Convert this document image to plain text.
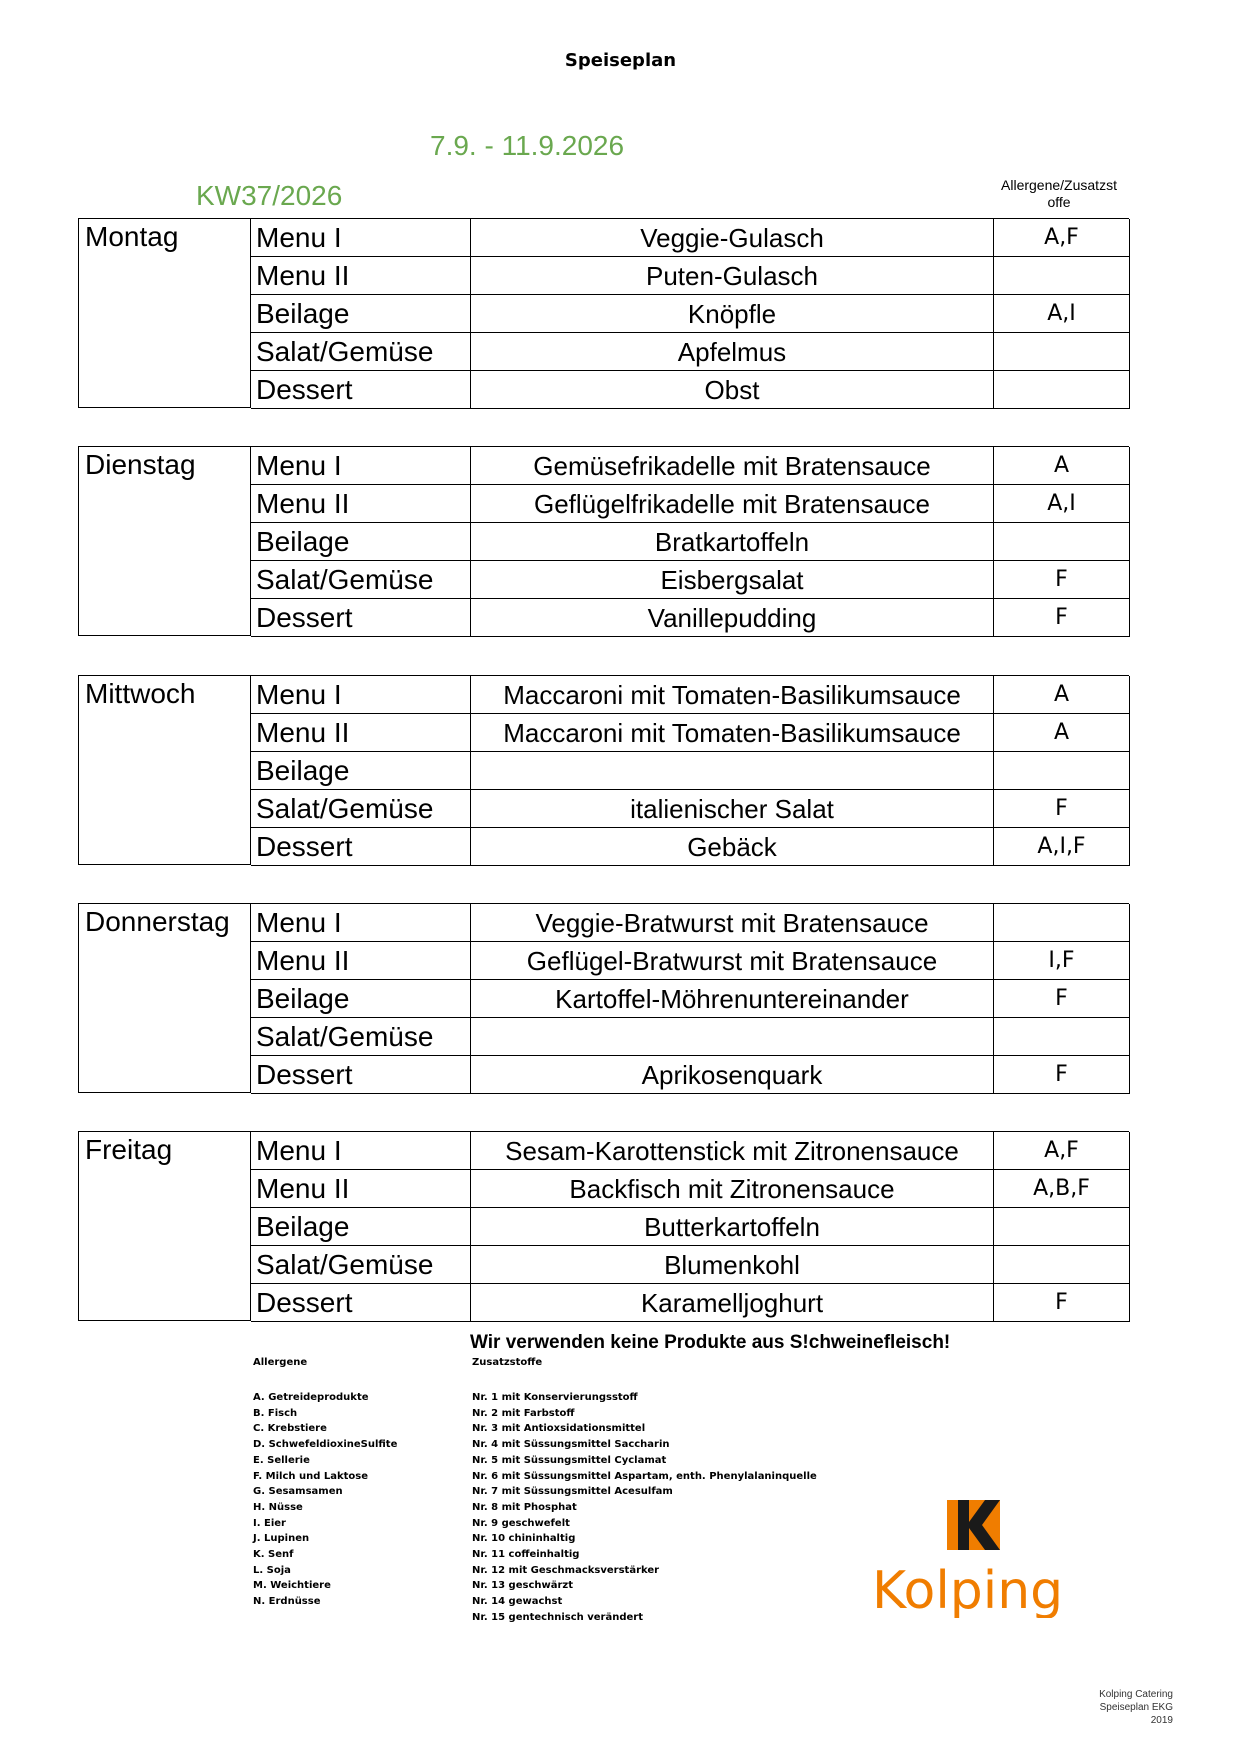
Speiseplan
7.9. - 11.9.2026
KW37/2026	Allergene/Zusatzst offe
Montag	Menu I	Veggie-Gulasch	A,F
Menu II	Puten-Gulasch
Beilage	Knöpfle	A,I
Salat/Gemüse	Apfelmus
Dessert	Obst
Dienstag	Menu I	Gemüsefrikadelle mit Bratensauce	A
Menu II	Geflügelfrikadelle mit Bratensauce	A,I
Beilage	Bratkartoffeln
Salat/Gemüse	Eisbergsalat	F
Dessert	Vanillepudding	F
Mittwoch	Menu I	Maccaroni mit Tomaten-Basilikumsauce	A
Menu II	Maccaroni mit Tomaten-Basilikumsauce	A
Beilage
Salat/Gemüse	italienischer Salat	F
Dessert	Gebäck	A,I,F
Donnerstag Menu I	Veggie-Bratwurst mit Bratensauce
Menu II	Geflügel-Bratwurst mit Bratensauce	I,F
Beilage	Kartoffel-Möhrenuntereinander	F
Salat/Gemüse
Dessert	Aprikosenquark	F
Freitag	Menu I	Sesam-Karottenstick mit Zitronensauce	A,F
Menu II	Backfisch mit Zitronensauce	A,B,F
Beilage	Butterkartoffeln
Salat/Gemüse	Blumenkohl
Dessert	Karamelljoghurt	F
Wir verwenden keine Produkte aus S!chweinefleisch!
Allergene	Zusatzstoffe
A. Getreideprodukte
B. Fisch
C. Krebstiere
D. SchwefeldioxineSulfite
E. Sellerie
F. Milch und Laktose
G. Sesamsamen
H. Nüsse
I. Eier
J. Lupinen
K. Senf
L. Soja
M. Weichtiere
N. Erdnüsse
Nr. 1 mit Konservierungsstoff
Nr. 2 mit Farbstoff
Nr. 3 mit Antioxsidationsmittel
Nr. 4 mit Süssungsmittel Saccharin
Nr. 5 mit Süssungsmittel Cyclamat
Nr. 6 mit Süssungsmittel Aspartam, enth. Phenylalaninquelle
Nr. 7 mit Süssungsmittel Acesulfam
Nr. 8 mit Phosphat
Nr. 9 geschwefelt
Nr. 10 chininhaltig
Nr. 11 coffeinhaltig
Nr. 12 mit Geschmacksverstärker
Nr. 13 geschwärzt
Nr. 14 gewachst
Nr. 15 gentechnisch verändert	Kolping
Kolping Catering
Speiseplan EKG
2019
